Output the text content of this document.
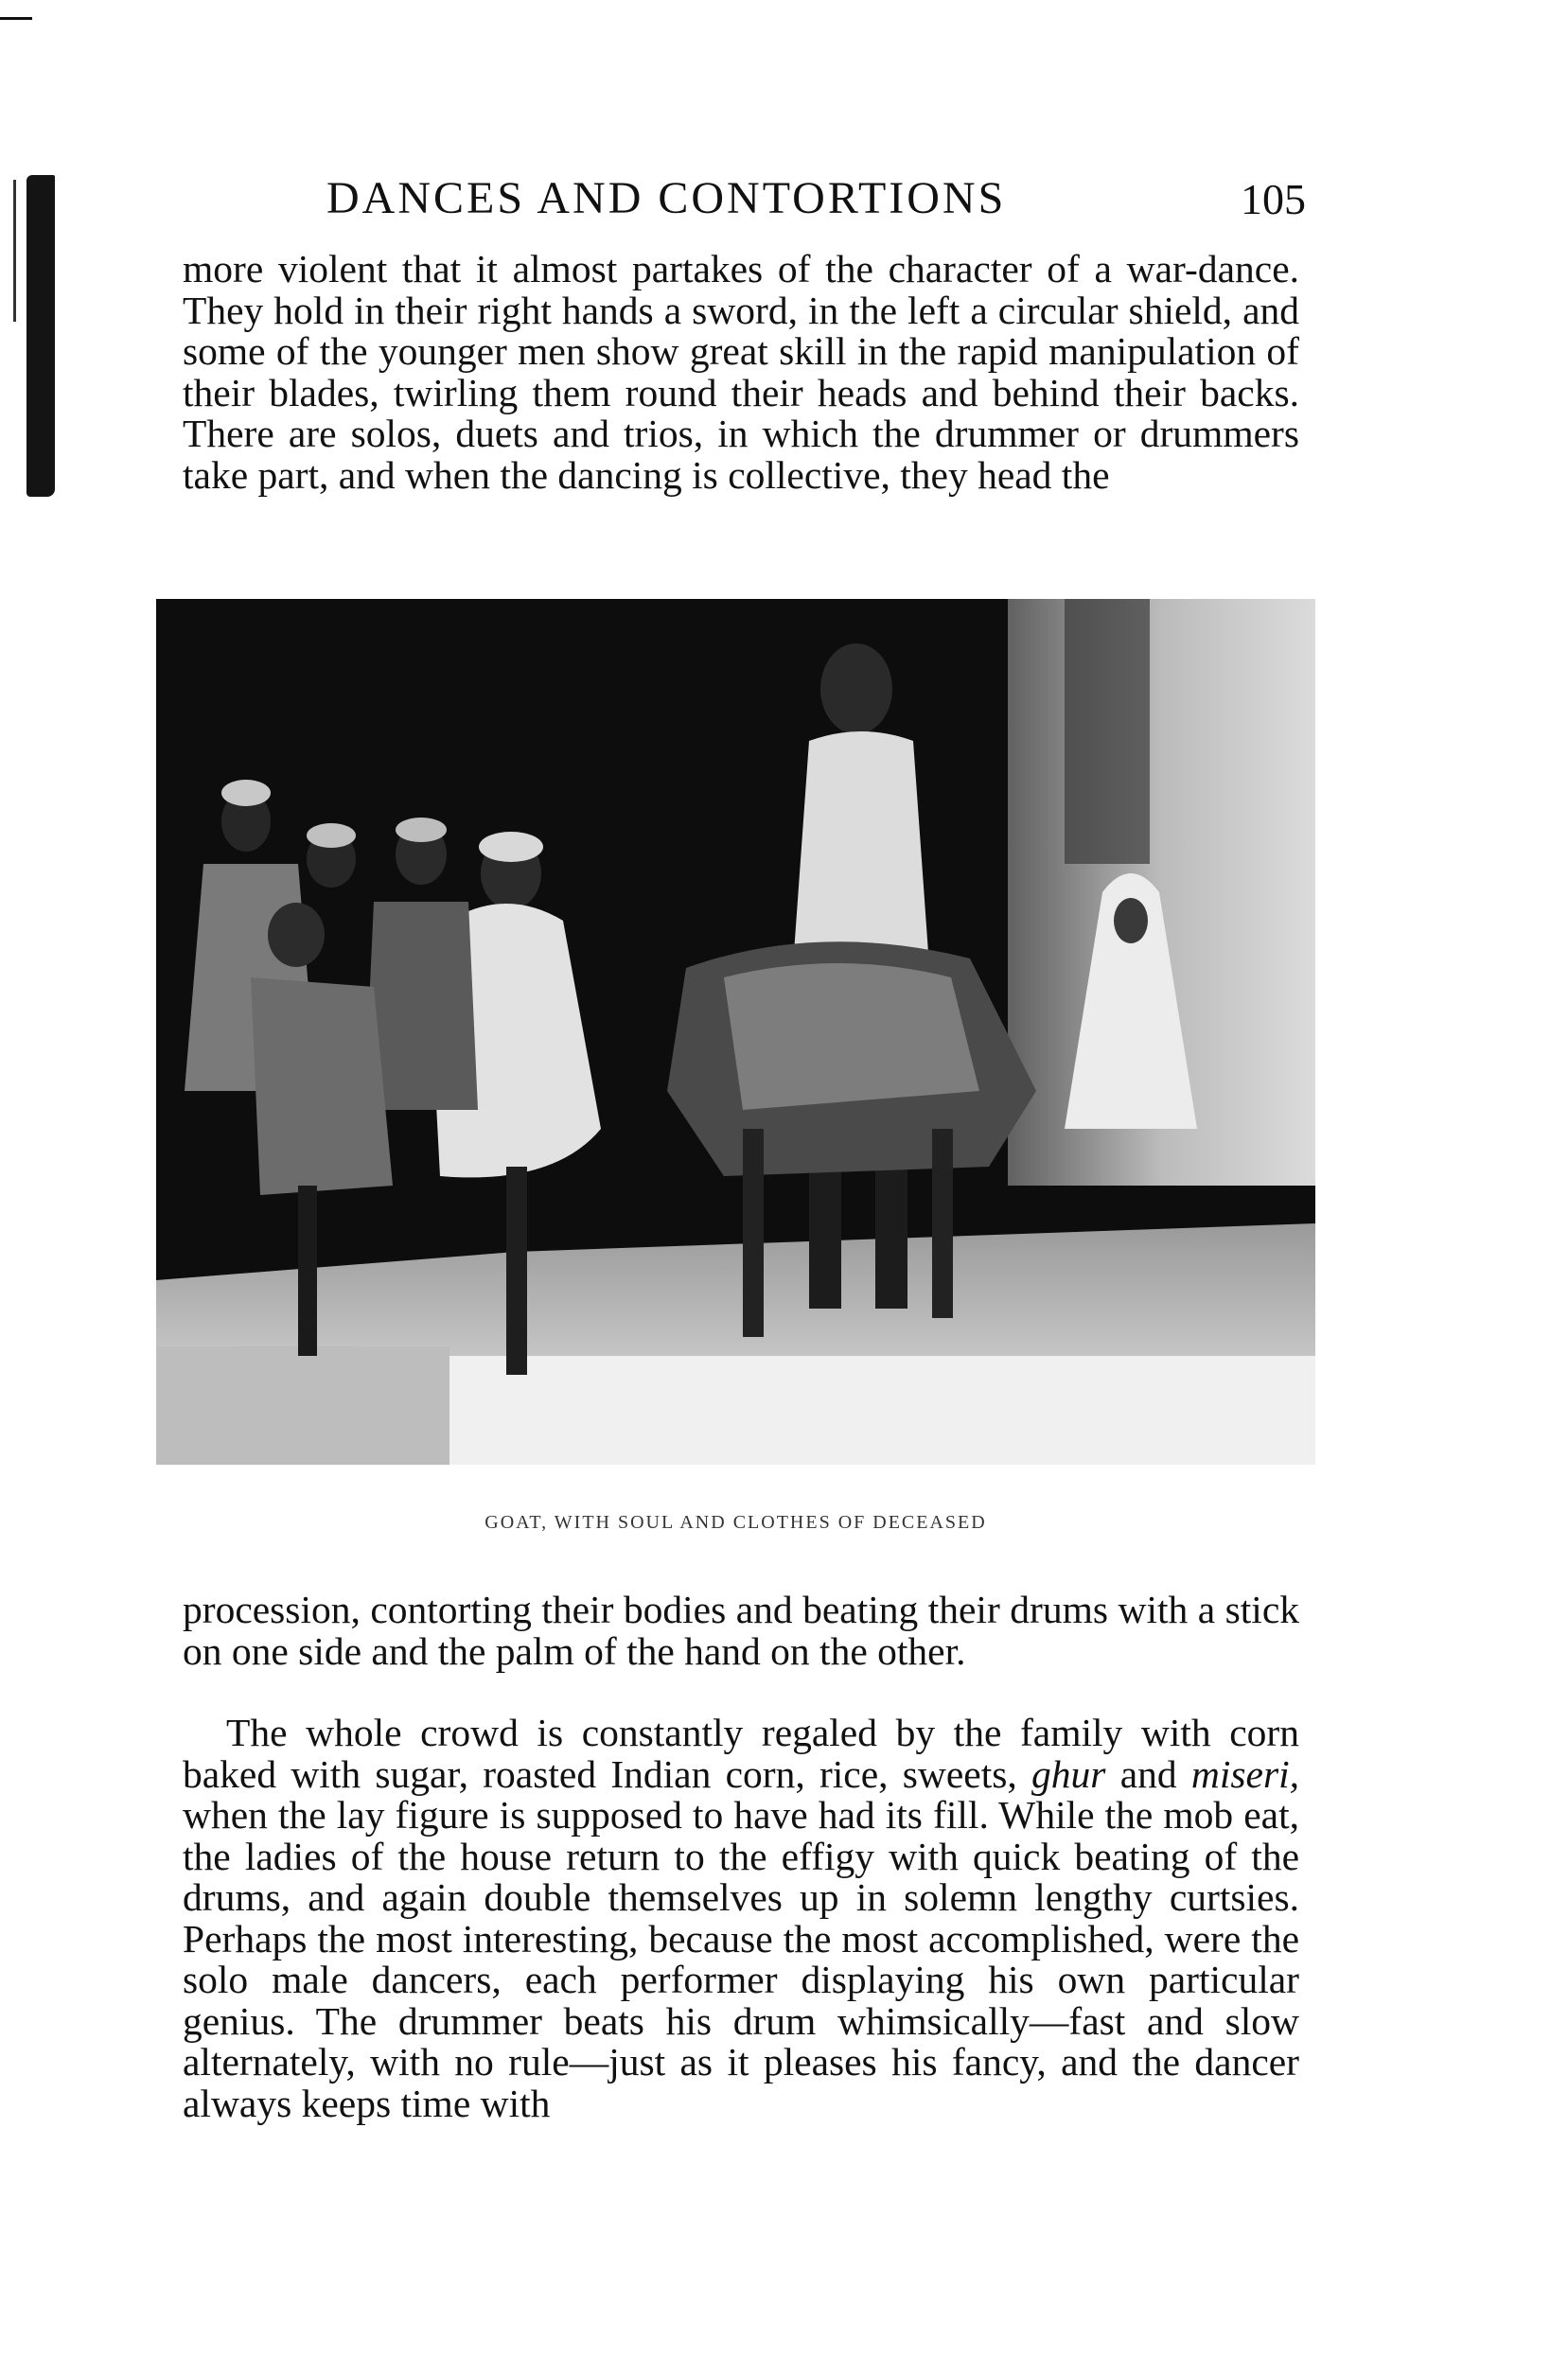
DANCES AND CONTORTIONS	105

more violent that it almost partakes of the character of a war-dance. They hold in their right hands a sword, in the left a circular shield, and some of the younger men show great skill in the rapid manipulation of their blades, twirling them round their heads and behind their backs. There are solos, duets and trios, in which the drummer or drummers take part, and when the dancing is collective, they head the

GOAT, WITH SOUL AND CLOTHES OF DECEASED

procession, contorting their bodies and beating their drums with a stick on one side and the palm of the hand on the other.

The whole crowd is constantly regaled by the family with corn baked with sugar, roasted Indian corn, rice, sweets, ghur and miseri, when the lay figure is supposed to have had its fill. While the mob eat, the ladies of the house return to the effigy with quick beating of the drums, and again double themselves up in solemn lengthy curtsies. Perhaps the most interesting, because the most accomplished, were the solo male dancers, each performer displaying his own particular genius. The drummer beats his drum whimsically—fast and slow alternately, with no rule—just as it pleases his fancy, and the dancer always keeps time with
